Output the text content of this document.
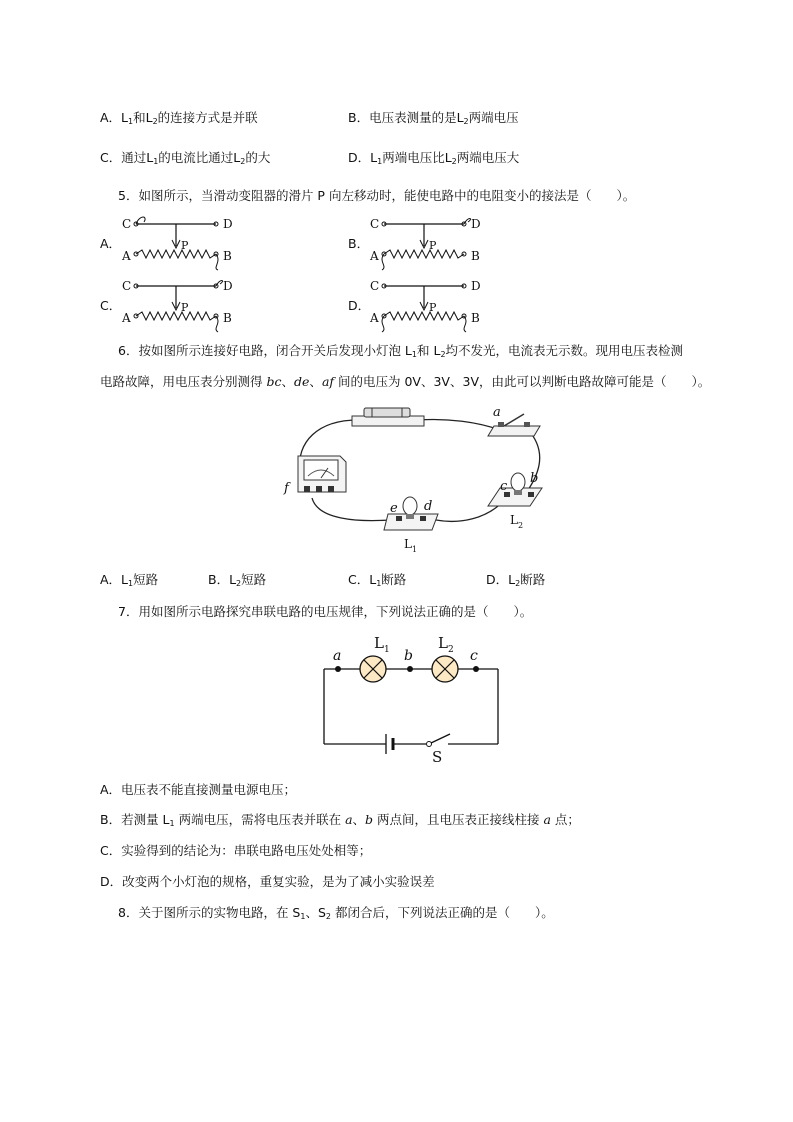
A．$L_1$和$L_2$的连接方式是并联	B．电压表测量的是$L_2$两端电压
C．通过$L_1$的电流比通过$L_2$的大	D．$L_1$两端电压比$L_2$两端电压大
5．如图所示，当滑动变阻器的滑片 P 向左移动时，能使电路中的电阻变小的接法是（　　）。
A．	B．
C．	D．
C	D
A	B
P
C	D
A	B
P
C	D
A	B
P
C	D
A	B
P
6．按如图所示连接好电路，闭合开关后发现小灯泡 $L_1$和 $L_2$均不发光，电流表无示数。现用电压表检测
电路故障，用电压表分别测得 bc、de、af 间的电压为 0V、3V、3V，由此可以判断电路故障可能是（　　）。
a
f	c
b
L 2
e d
L 1
A．$L_1$短路	B．$L_2$短路	C．$L_1$断路	D．$L_2$断路
7．用如图所示电路探究串联电路的电压规律，下列说法正确的是（　　）。
L 1	L 2
a	b	c
S
A．电压表不能直接测量电源电压；
B．若测量 $L_1$ 两端电压，需将电压表并联在 a、b 两点间，且电压表正接线柱接 a 点；
C．实验得到的结论为：串联电路电压处处相等；
D．改变两个小灯泡的规格，重复实验，是为了减小实验误差
8．关于图所示的实物电路，在 $S_1$、$S_2$ 都闭合后，下列说法正确的是（　　）。
